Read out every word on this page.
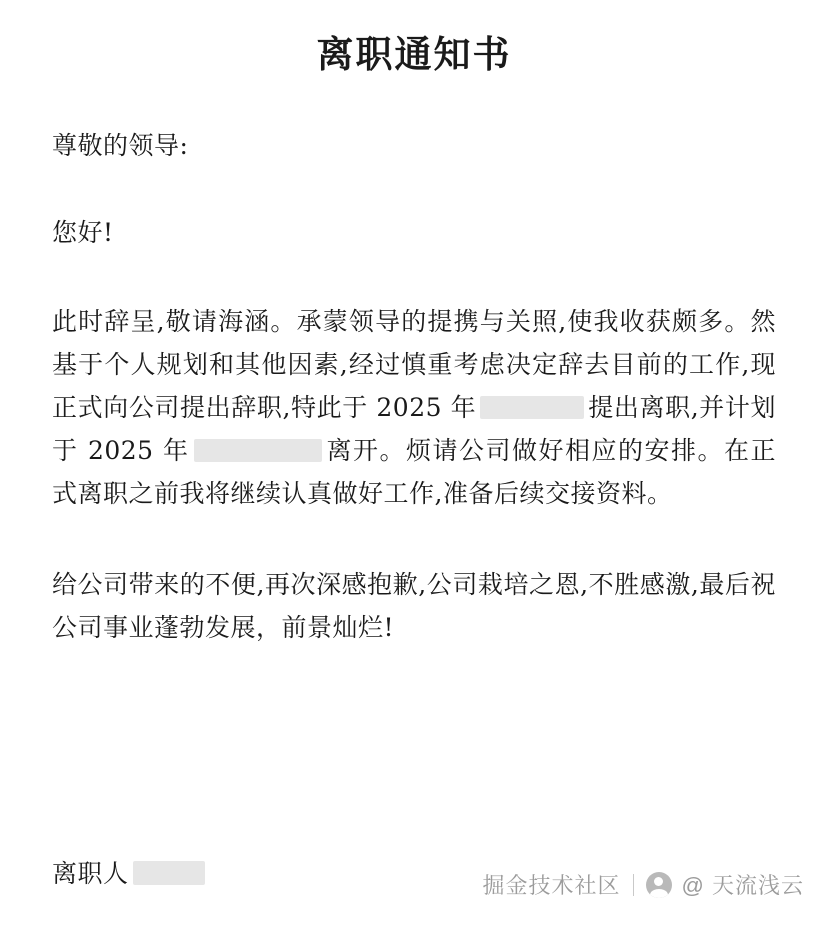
离职通知书
尊敬的领导:
您好!
此时辞呈,敬请海涵。承蒙领导的提携与关照,使我收获颇多。然基于个人规划和其他因素,经过慎重考虑决定辞去目前的工作,现正式向公司提出辞职,特此于 2025 年	提出离职,并计划于 2025 年	离开。烦请公司做好相应的安排。在正式离职之前我将继续认真做好工作,准备后续交接资料。
给公司带来的不便,再次深感抱歉,公司栽培之恩,不胜感激,最后祝公司事业蓬勃发展，前景灿烂!
离职人	掘金技术社区	@ 天流浅云
